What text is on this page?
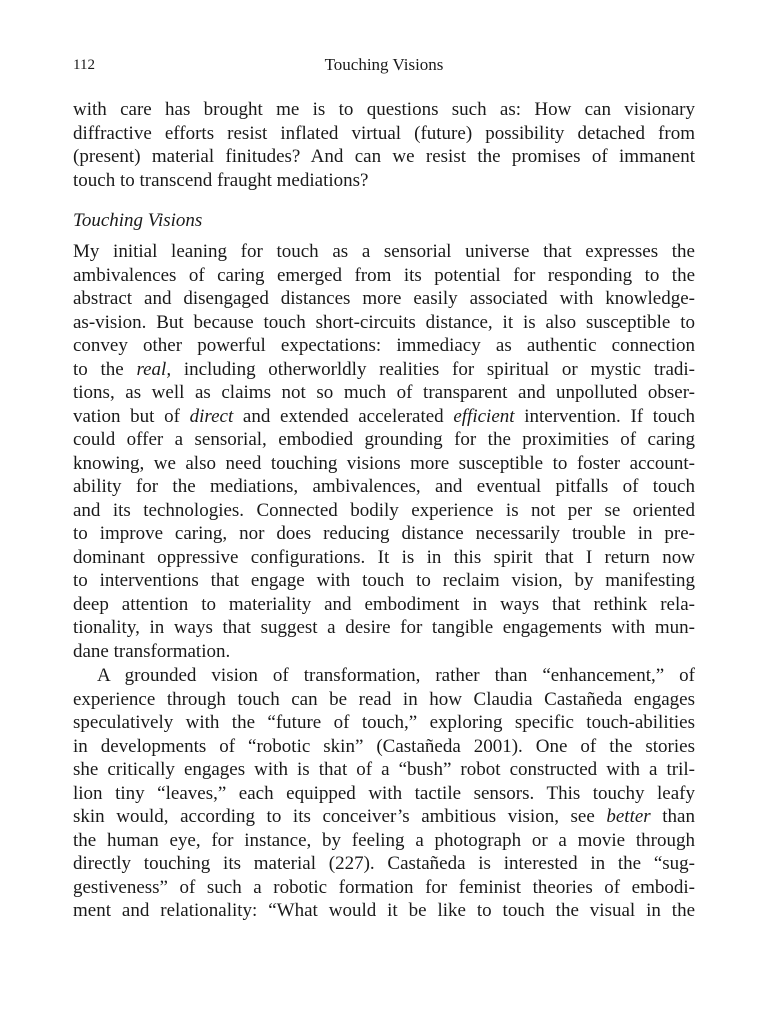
112	Touching Visions
with care has brought me is to questions such as: How can visionary
diffractive efforts resist inflated virtual (future) possibility detached from
(present) material finitudes? And can we resist the promises of immanent
touch to transcend fraught mediations?
Touching Visions
My initial leaning for touch as a sensorial universe that expresses the
ambivalences of caring emerged from its potential for responding to the
abstract and disengaged distances more easily associated with knowledge-
as-vision. But because touch short-circuits distance, it is also susceptible to
convey other powerful expectations: immediacy as authentic connection
to the real, including otherworldly realities for spiritual or mystic tradi-
tions, as well as claims not so much of transparent and unpolluted obser-
vation but of direct and extended accelerated efficient intervention. If touch
could offer a sensorial, embodied grounding for the proximities of caring
knowing, we also need touching visions more susceptible to foster account-
ability for the mediations, ambivalences, and eventual pitfalls of touch
and its technologies. Connected bodily experience is not per se oriented
to improve caring, nor does reducing distance necessarily trouble in pre-
dominant oppressive configurations. It is in this spirit that I return now
to interventions that engage with touch to reclaim vision, by manifesting
deep attention to materiality and embodiment in ways that rethink rela-
tionality, in ways that suggest a desire for tangible engagements with mun-
dane transformation.
A grounded vision of transformation, rather than “enhancement,” of
experience through touch can be read in how Claudia Castañeda engages
speculatively with the “future of touch,” exploring specific touch-abilities
in developments of “robotic skin” (Castañeda 2001). One of the stories
she critically engages with is that of a “bush” robot constructed with a tril-
lion tiny “leaves,” each equipped with tactile sensors. This touchy leafy
skin would, according to its conceiver’s ambitious vision, see better than
the human eye, for instance, by feeling a photograph or a movie through
directly touching its material (227). Castañeda is interested in the “sug-
gestiveness” of such a robotic formation for feminist theories of embodi-
ment and relationality: “What would it be like to touch the visual in the
